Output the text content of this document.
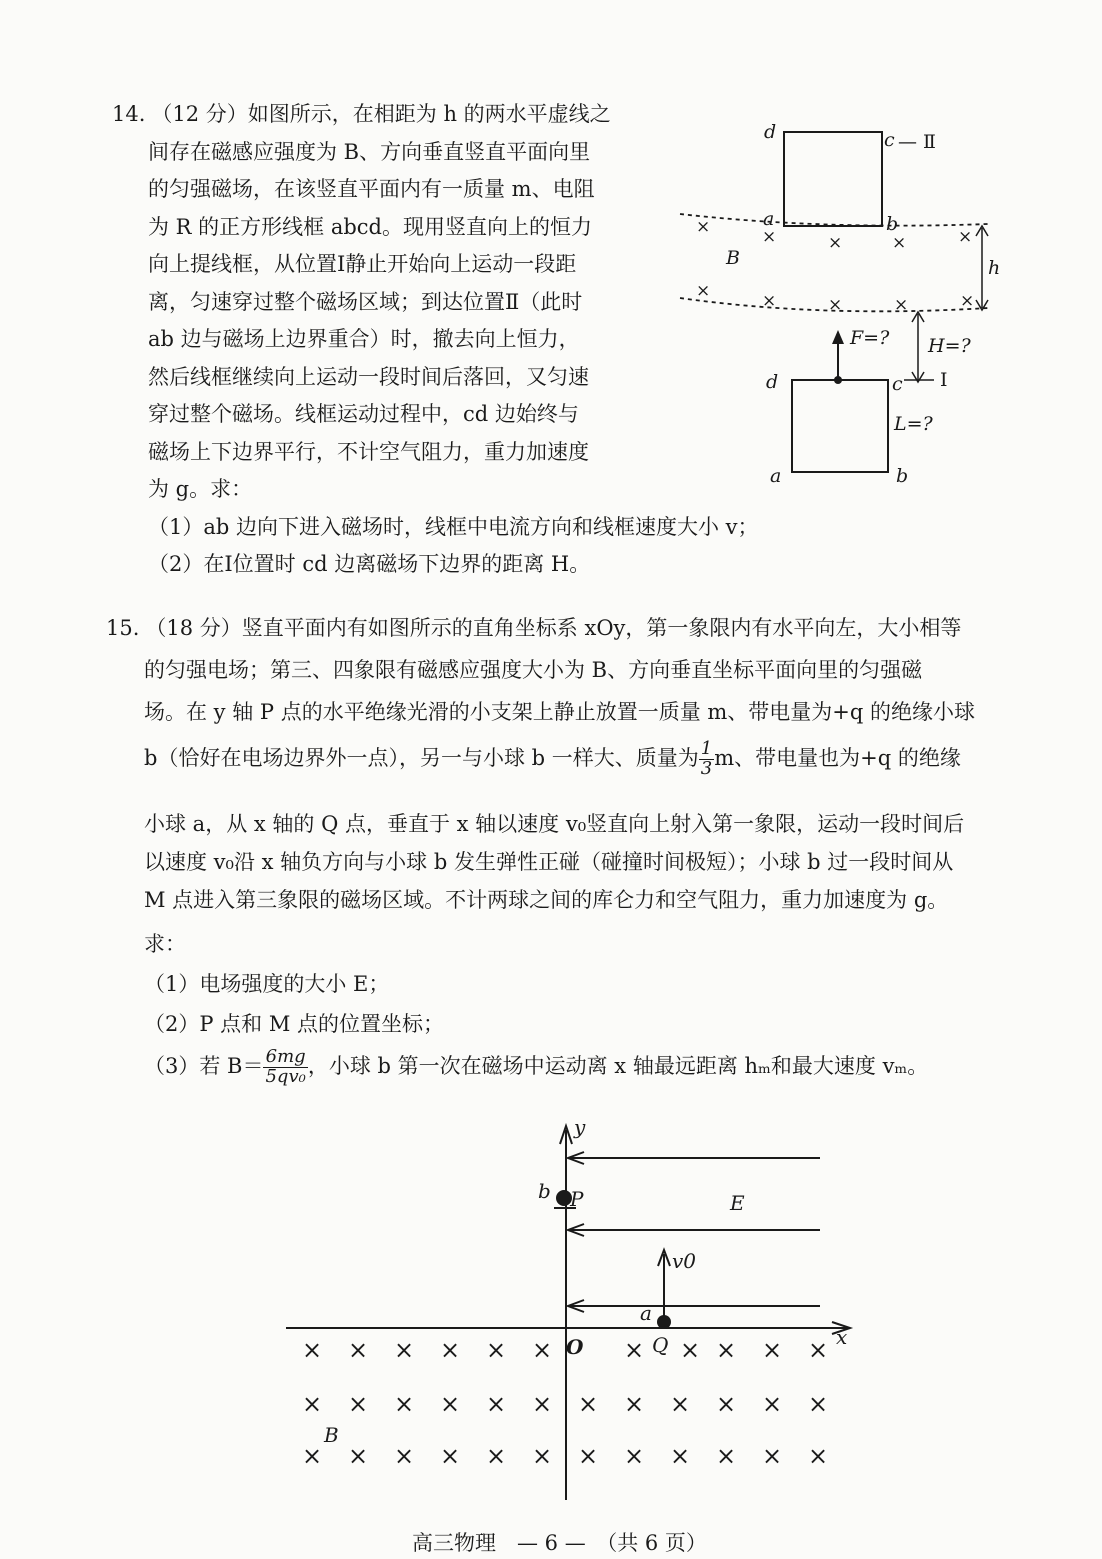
14. （12 分）如图所示，在相距为 h 的两水平虚线之
间存在磁感应强度为 B、方向垂直竖直平面向里
的匀强磁场，在该竖直平面内有一质量 m、电阻
为 R 的正方形线框 abcd。现用竖直向上的恒力
向上提线框，从位置Ⅰ静止开始向上运动一段距
离，匀速穿过整个磁场区域；到达位置Ⅱ（此时
ab 边与磁场上边界重合）时，撤去向上恒力，
然后线框继续向上运动一段时间后落回，又匀速
穿过整个磁场。线框运动过程中，cd 边始终与
磁场上下边界平行，不计空气阻力，重力加速度
为 g。求：
（1）ab 边向下进入磁场时，线框中电流方向和线框速度大小 v；
（2）在Ⅰ位置时 cd 边离磁场下边界的距离 H。
d	c — Ⅱ
a	b
×	×	×	×	×
×	×	×	×	×
B	h
H=?
Ⅰ
F=?
d	c
L=?
a	b
15. （18 分）竖直平面内有如图所示的直角坐标系 xOy，第一象限内有水平向左，大小相等
的匀强电场；第三、四象限有磁感应强度大小为 B、方向垂直坐标平面向里的匀强磁
场。在 y 轴 P 点的水平绝缘光滑的小支架上静止放置一质量 m、带电量为+q 的绝缘小球
b（恰好在电场边界外一点），另一与小球 b 一样大、质量为 $\frac{1}{3}$ m、带电量也为+q 的绝缘
小球 a，从 x 轴的 Q 点，垂直于 x 轴以速度 v₀竖直向上射入第一象限，运动一段时间后
以速度 v₀沿 x 轴负方向与小球 b 发生弹性正碰（碰撞时间极短）；小球 b 过一段时间从
M 点进入第三象限的磁场区域。不计两球之间的库仑力和空气阻力，重力加速度为 g。
求：
（1）电场强度的大小 E；
（2）P 点和 M 点的位置坐标；
（3）若 $B= \frac{6mg}{\text{5qv₀}}$ ，小球 b 第一次在磁场中运动离 x 轴最远距离 hₘ和最大速度 vₘ。
y
x
O
E
b P
v0
a
Q
× × × × × ×	× × × × ×
× × × × × × × × × × × ×
× × × × × × × × × × × ×
B
高三物理　— 6 —　（共 6 页）
